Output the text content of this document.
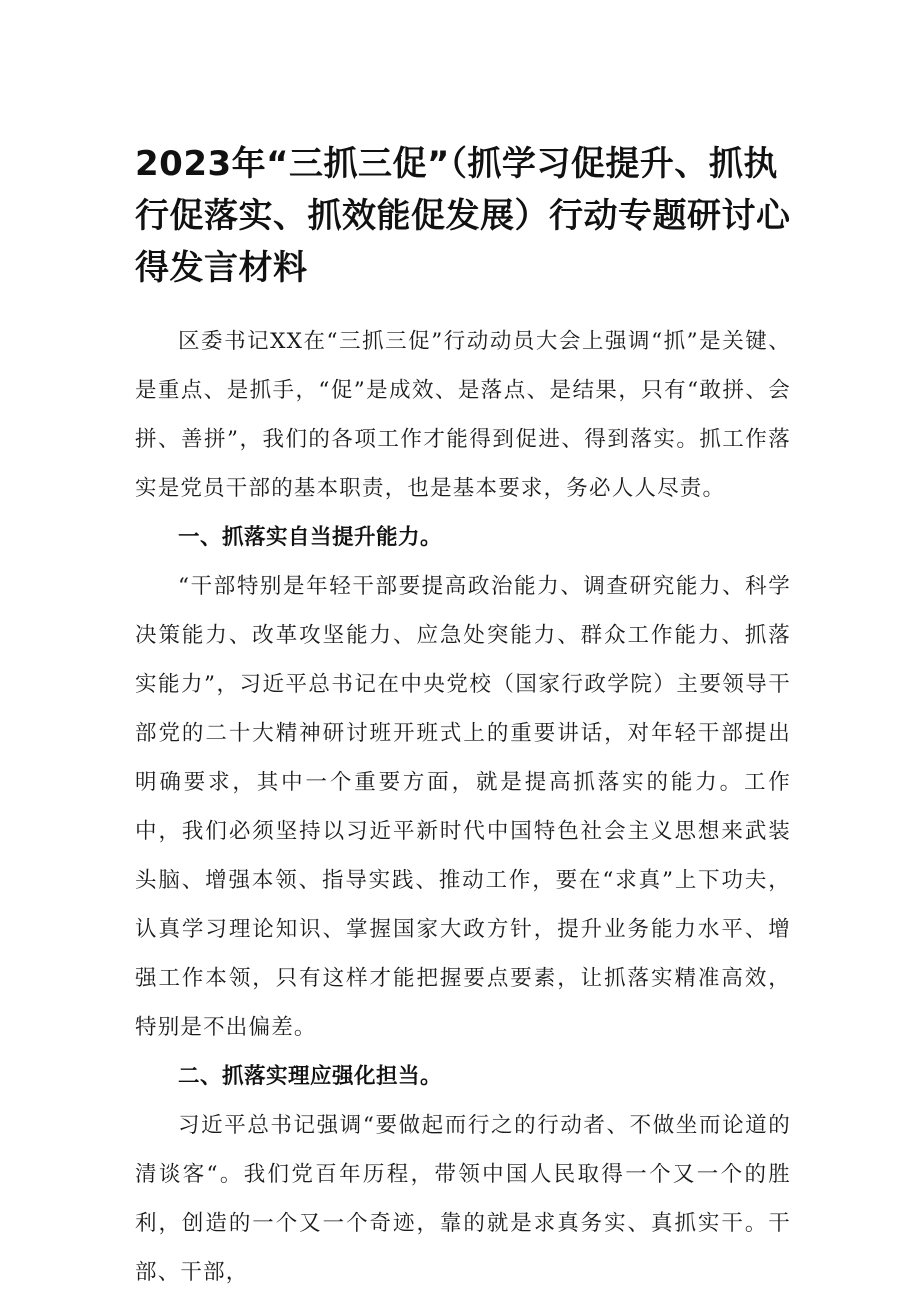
2023年“三抓三促”（抓学习促提升、抓执行促落实、抓效能促发展）行动专题研讨心得发言材料

区委书记XX在“三抓三促”行动动员大会上强调“抓”是关键、是重点、是抓手，“促”是成效、是落点、是结果，只有“敢拼、会拼、善拼”，我们的各项工作才能得到促进、得到落实。抓工作落实是党员干部的基本职责，也是基本要求，务必人人尽责。

一、抓落实自当提升能力。

“干部特别是年轻干部要提高政治能力、调查研究能力、科学决策能力、改革攻坚能力、应急处突能力、群众工作能力、抓落实能力”，习近平总书记在中央党校（国家行政学院）主要领导干部党的二十大精神研讨班开班式上的重要讲话，对年轻干部提出明确要求，其中一个重要方面，就是提高抓落实的能力。工作中，我们必须坚持以习近平新时代中国特色社会主义思想来武装头脑、增强本领、指导实践、推动工作，要在“求真”上下功夫，认真学习理论知识、掌握国家大政方针，提升业务能力水平、增强工作本领，只有这样才能把握要点要素，让抓落实精准高效，特别是不出偏差。

二、抓落实理应强化担当。

习近平总书记强调“要做起而行之的行动者、不做坐而论道的清谈客“。我们党百年历程，带领中国人民取得一个又一个的胜利，创造的一个又一个奇迹，靠的就是求真务实、真抓实干。干部、干部，
